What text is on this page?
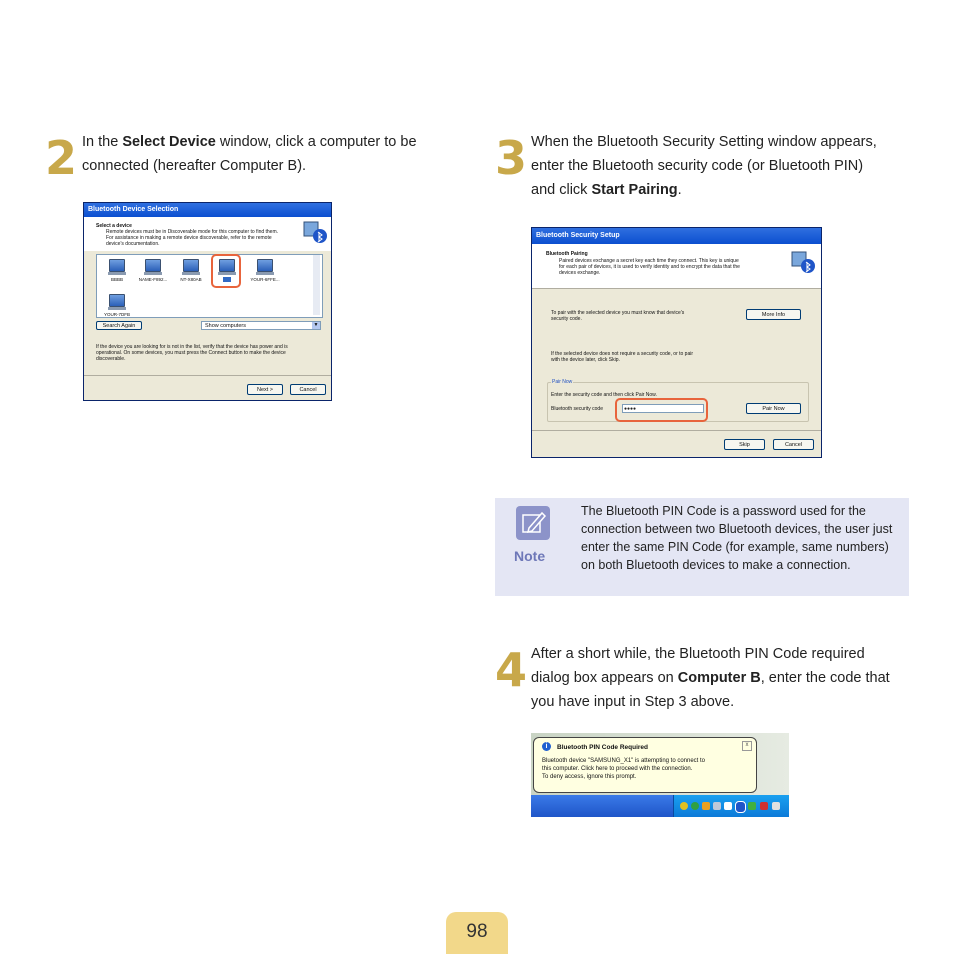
2 In the Select Device window, click a computer to be connected (hereafter Computer B).
Bluetooth Device Selection
Select a device
Remote devices must be in Discoverable mode for this computer to find them.
For assistance in making a remote device discoverable, refer to the remote
device's documentation.
BBBB	NAME-F892...	NT-X80AB	YOUR-6FFE...
YOUR-7DFB
Search Again	Show computers	▼
If the device you are looking for is not in the list, verify that the device has power and is
operational. On some devices, you must press the Connect button to make the device
discoverable.
Next >	Cancel
3 When the Bluetooth Security Setting window appears, enter the Bluetooth security code (or Bluetooth PIN) and click Start Pairing.
Bluetooth Security Setup
Bluetooth Pairing
Paired devices exchange a secret key each time they connect. This key is unique
for each pair of devices, it is used to verify identity and to encrypt the data that the
devices exchange.
To pair with the selected device you must know that device's
security code.
More Info
If the selected device does not require a security code, or to pair
with the device later, click Skip.
Pair Now
Enter the security code and then click Pair Now.
Bluetooth security code	●●●●	Pair Now
Skip	Cancel
Note
The Bluetooth PIN Code is a password used for the connection between two Bluetooth devices, the user just enter the same PIN Code (for example, same numbers) on both Bluetooth devices to make a connection.
4 After a short while, the Bluetooth PIN Code required dialog box appears on Computer B, enter the code that you have input in Step 3 above.
i	Bluetooth PIN Code Required	x
Bluetooth device "SAMSUNG_X1" is attempting to connect to
this computer. Click here to proceed with the connection.
To deny access, ignore this prompt.
98
